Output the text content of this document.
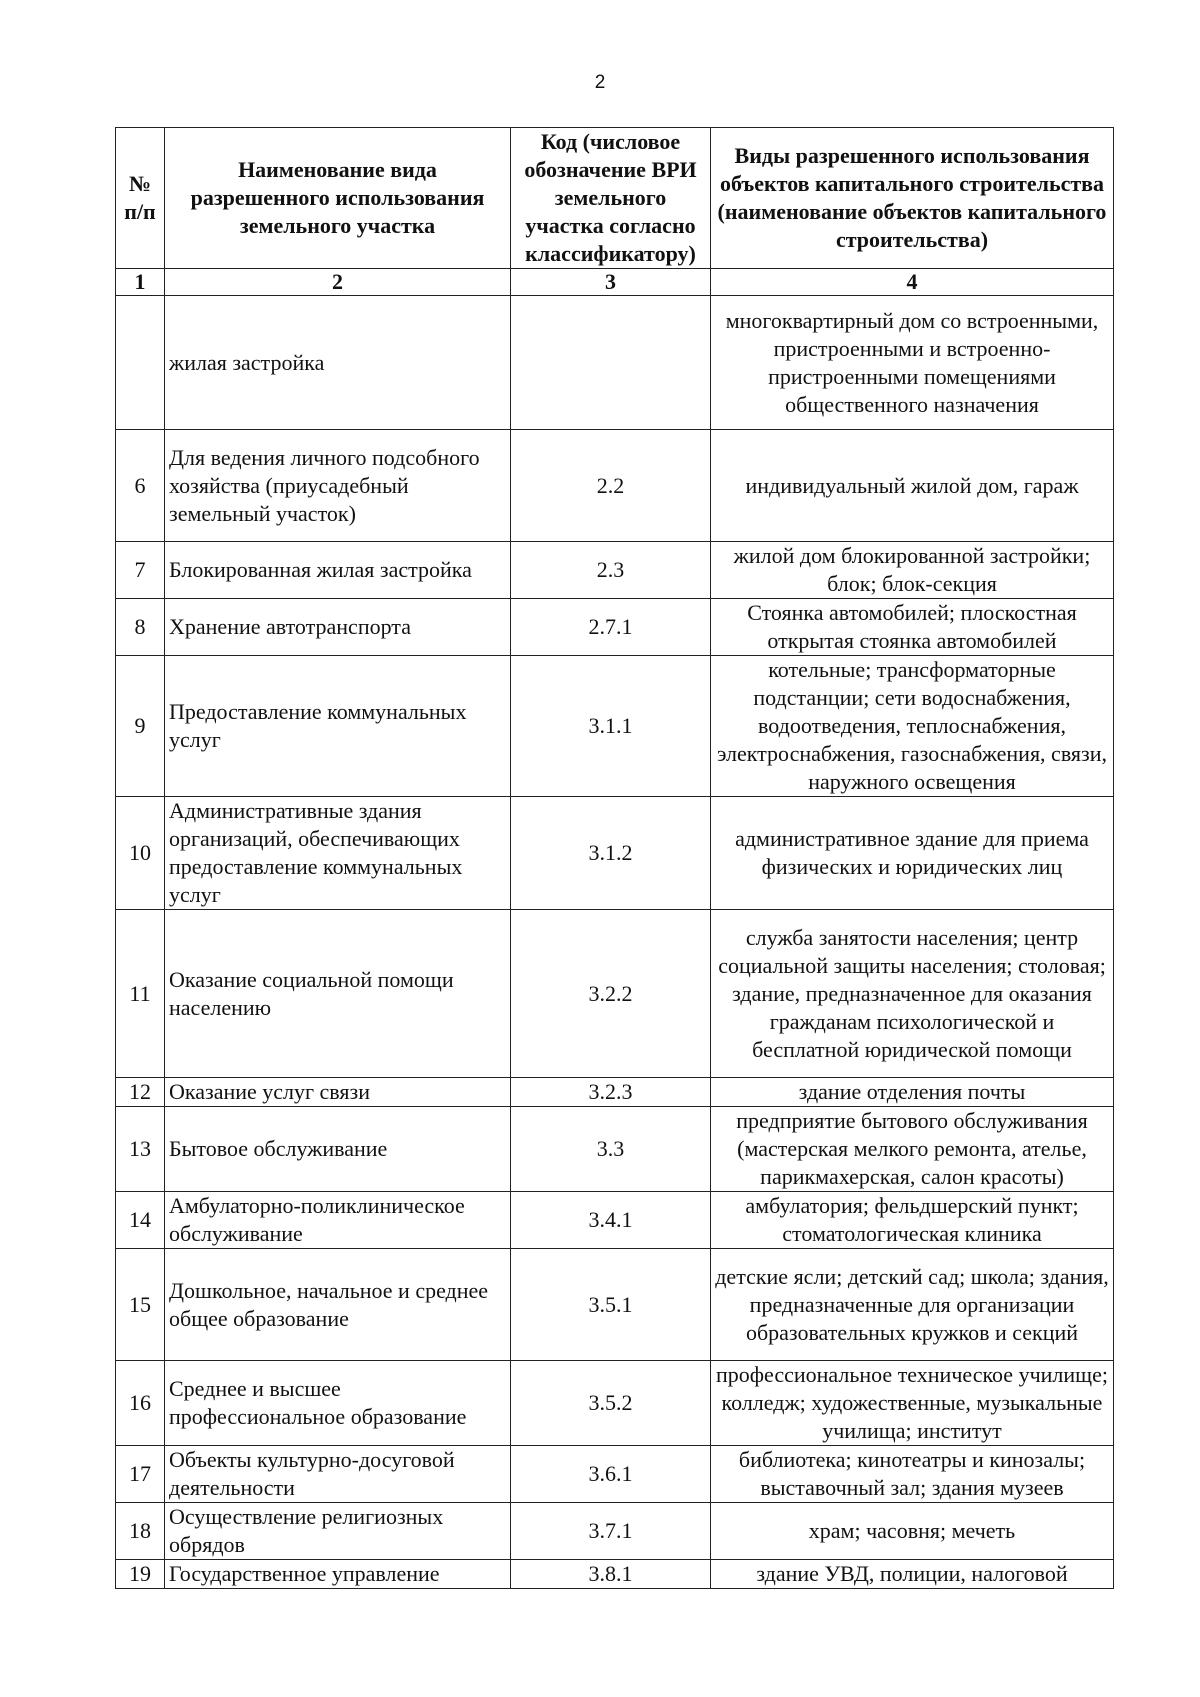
2
№ п/п	Наименование вида разрешенного использования земельного участка	Код (числовое обозначение ВРИ земельного участка согласно классификатору)	Виды разрешенного использования объектов капитального строительства (наименование объектов капитального строительства)
1	2	3	4
	жилая застройка		многоквартирный дом со встроенными, пристроенными и встроенно-пристроенными помещениями общественного назначения
6	Для ведения личного подсобного хозяйства (приусадебный земельный участок)	2.2	индивидуальный жилой дом, гараж
7	Блокированная жилая застройка	2.3	жилой дом блокированной застройки; блок; блок-секция
8	Хранение автотранспорта	2.7.1	Стоянка автомобилей; плоскостная открытая стоянка автомобилей
9	Предоставление коммунальных услуг	3.1.1	котельные; трансформаторные подстанции; сети водоснабжения, водоотведения, теплоснабжения, электроснабжения, газоснабжения, связи, наружного освещения
10	Административные здания организаций, обеспечивающих предоставление коммунальных услуг	3.1.2	административное здание для приема физических и юридических лиц
11	Оказание социальной помощи населению	3.2.2	служба занятости населения; центр социальной защиты населения; столовая; здание, предназначенное для оказания гражданам психологической и бесплатной юридической помощи
12	Оказание услуг связи	3.2.3	здание отделения почты
13	Бытовое обслуживание	3.3	предприятие бытового обслуживания (мастерская мелкого ремонта, ателье, парикмахерская, салон красоты)
14	Амбулаторно-поликлиническое обслуживание	3.4.1	амбулатория; фельдшерский пункт; стоматологическая клиника
15	Дошкольное, начальное и среднее общее образование	3.5.1	детские ясли; детский сад; школа; здания, предназначенные для организации образовательных кружков и секций
16	Среднее и высшее профессиональное образование	3.5.2	профессиональное техническое училище; колледж; художественные, музыкальные училища; институт
17	Объекты культурно-досуговой деятельности	3.6.1	библиотека; кинотеатры и кинозалы; выставочный зал; здания музеев
18	Осуществление религиозных обрядов	3.7.1	храм; часовня; мечеть
19	Государственное управление	3.8.1	здание УВД, полиции, налоговой
